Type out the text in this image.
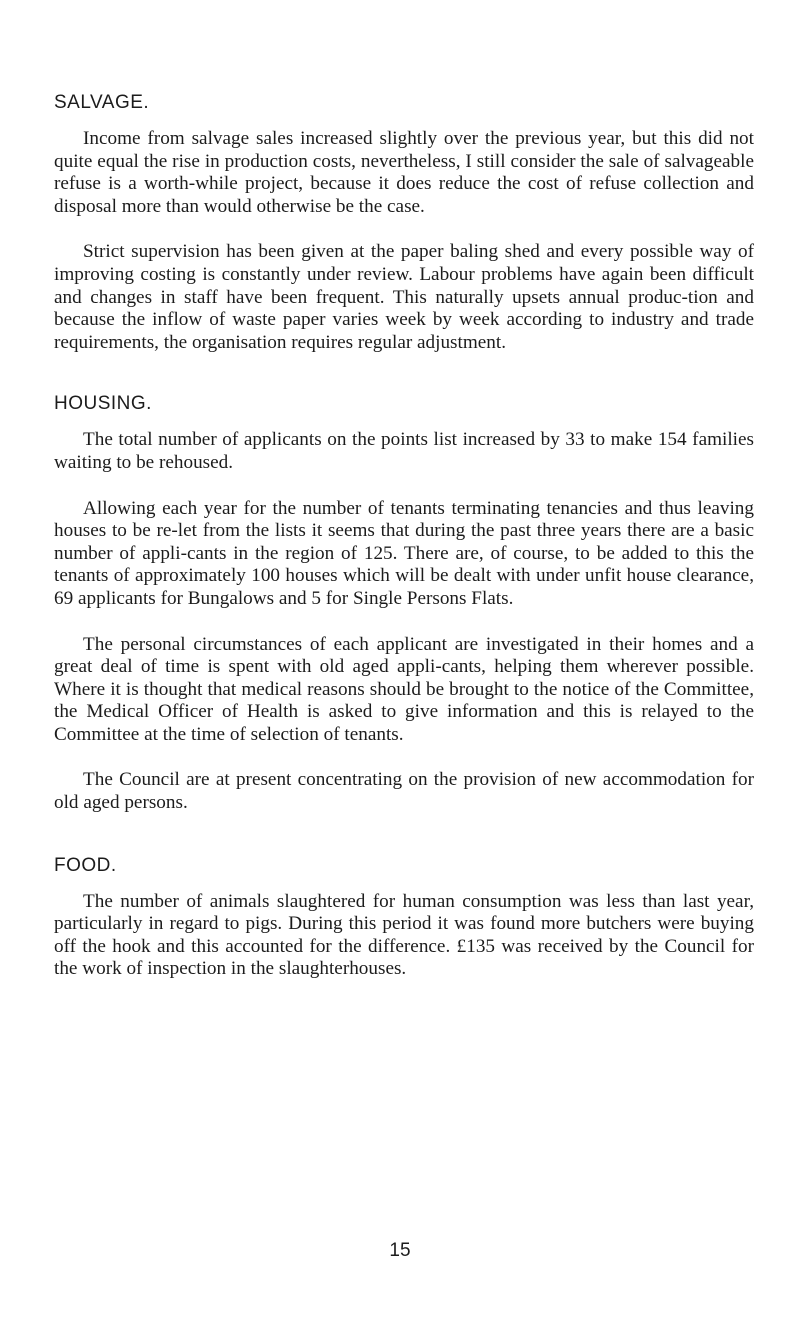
SALVAGE.

Income from salvage sales increased slightly over the previous year, but this did not quite equal the rise in production costs, nevertheless, I still consider the sale of salvageable refuse is a worth-while project, because it does reduce the cost of refuse collection and disposal more than would otherwise be the case.

Strict supervision has been given at the paper baling shed and every possible way of improving costing is constantly under review. Labour problems have again been difficult and changes in staff have been frequent. This naturally upsets annual produc-tion and because the inflow of waste paper varies week by week according to industry and trade requirements, the organisation requires regular adjustment.

HOUSING.

The total number of applicants on the points list increased by 33 to make 154 families waiting to be rehoused.

Allowing each year for the number of tenants terminating tenancies and thus leaving houses to be re-let from the lists it seems that during the past three years there are a basic number of appli-cants in the region of 125. There are, of course, to be added to this the tenants of approximately 100 houses which will be dealt with under unfit house clearance, 69 applicants for Bungalows and 5 for Single Persons Flats.

The personal circumstances of each applicant are investigated in their homes and a great deal of time is spent with old aged appli-cants, helping them wherever possible. Where it is thought that medical reasons should be brought to the notice of the Committee, the Medical Officer of Health is asked to give information and this is relayed to the Committee at the time of selection of tenants.

The Council are at present concentrating on the provision of new accommodation for old aged persons.

FOOD.

The number of animals slaughtered for human consumption was less than last year, particularly in regard to pigs. During this period it was found more butchers were buying off the hook and this accounted for the difference. £135 was received by the Council for the work of inspection in the slaughterhouses.

15
